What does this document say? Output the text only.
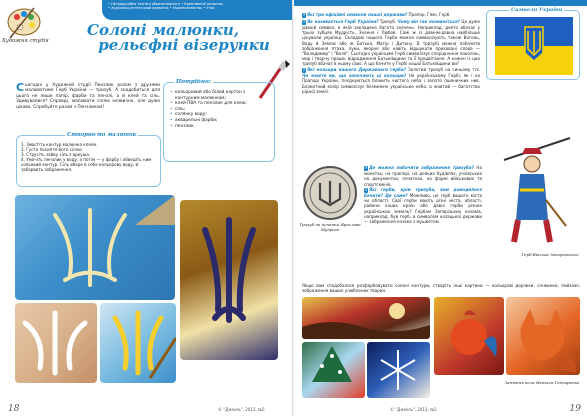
• Нетрадиційна техніка образотворчого • Креативний розвиток • Художньо-естетичний розвиток • Українознавство • Улас
Художня студія
Солоні малюнки,
рельєфні візерунки

Сьогодні у Художній студії Пензлик разом з друзями малюватиме Герб України — тризуб. А знадобиться для цього не лише папір, фарби та пензлі, а й клей та сіль. Здивувалися? Справді, малювати сіллю незвично, але дуже цікаво. Спробуйте разом з Пензликом!

Потрібно:
• кольоровий або білий картон з контурним малюнком;
• клей ПВА та пензлик для клею;
• сіль;
• солянку воду;
• акварельні фарби;
• пензлик.
Створюємо малюнок
1. Змастіть контур малюнка клеєм.
2. Густо посипте його сіллю.
3. Струсіть зайву сіль з аркуша.
4. Умочіть пензлик у воду, а потім — у фарбу і обведіть ним сольовий контур. Сіль вбере в себе кольорову воду, й забарвить зображення.
18	© "Джміль", 2013, №5

? Які три офіційні символи нашої держави? Прапор, Гімн, Герб.

? Як називається Герб України? Тризуб. Чому він так називається? Це дуже давній символ, в якій закладено багато значень. Наприклад, деято вбачає у трьох зубцях Мудрість, Знання і Любов. Самі ж із давнім-давна найбільше цінували українці. Складові нашого Герба можна символізують також Вогонь, Воду й Землю або ж Батька, Матір і Дитину. В тризубі можна побачити зображення птаха, луки, якорне або навіть відшукати приховані слова — "Володимир" і "Воля". Сьогодні українцям Герб символізує споріднення поколінь, мир і творчу працю, відродження Батьківщини та її процвітання. А кожен із цих тризуб вбачає в ньому своє. А що бачите у Гербі нашої Батьківщини ви?

? Які кольори нашого Державного герба? Золотий тризуб на синьому тлі. Чи знаєте ви, що означають ці кольори? На українському Гербі, як і на Прапорі України, поєднуються блакить чистого неба і золото пшеничних нив. Блакитний колір символізує безмежне українське небо, а жовтий — багатство рідної землі.

Символи України
Герб Війська Запорозького
Тризуб на печатці Ярослава Мудрого

? Де можна побачити зображення тризуба? На монетах, на прапорі, на деяких будівлях, учнівських на документах, печатках, на формі військових та спортсменів.

? Які герби, крім тризуба, вам доводилося бачити? Де саме? Можливо, це герб вашого міста чи області. Свої герби мають різні міста, області, райони інших країн або давні герби різних українських земель? Гербом Запорізьких козаків, наприклад, був герб, а символом козацької держави — зображення козака з мушкетом.

Якщо вам сподобалося розфарбовувати солоні контури, створіть інші картини — кольорові доріжки, сніжинки, пейзажі, зображення ваших улюблених тварин.

Занятия вела Наталя Гончаренко
© "Джміль", 2013, №5	19
